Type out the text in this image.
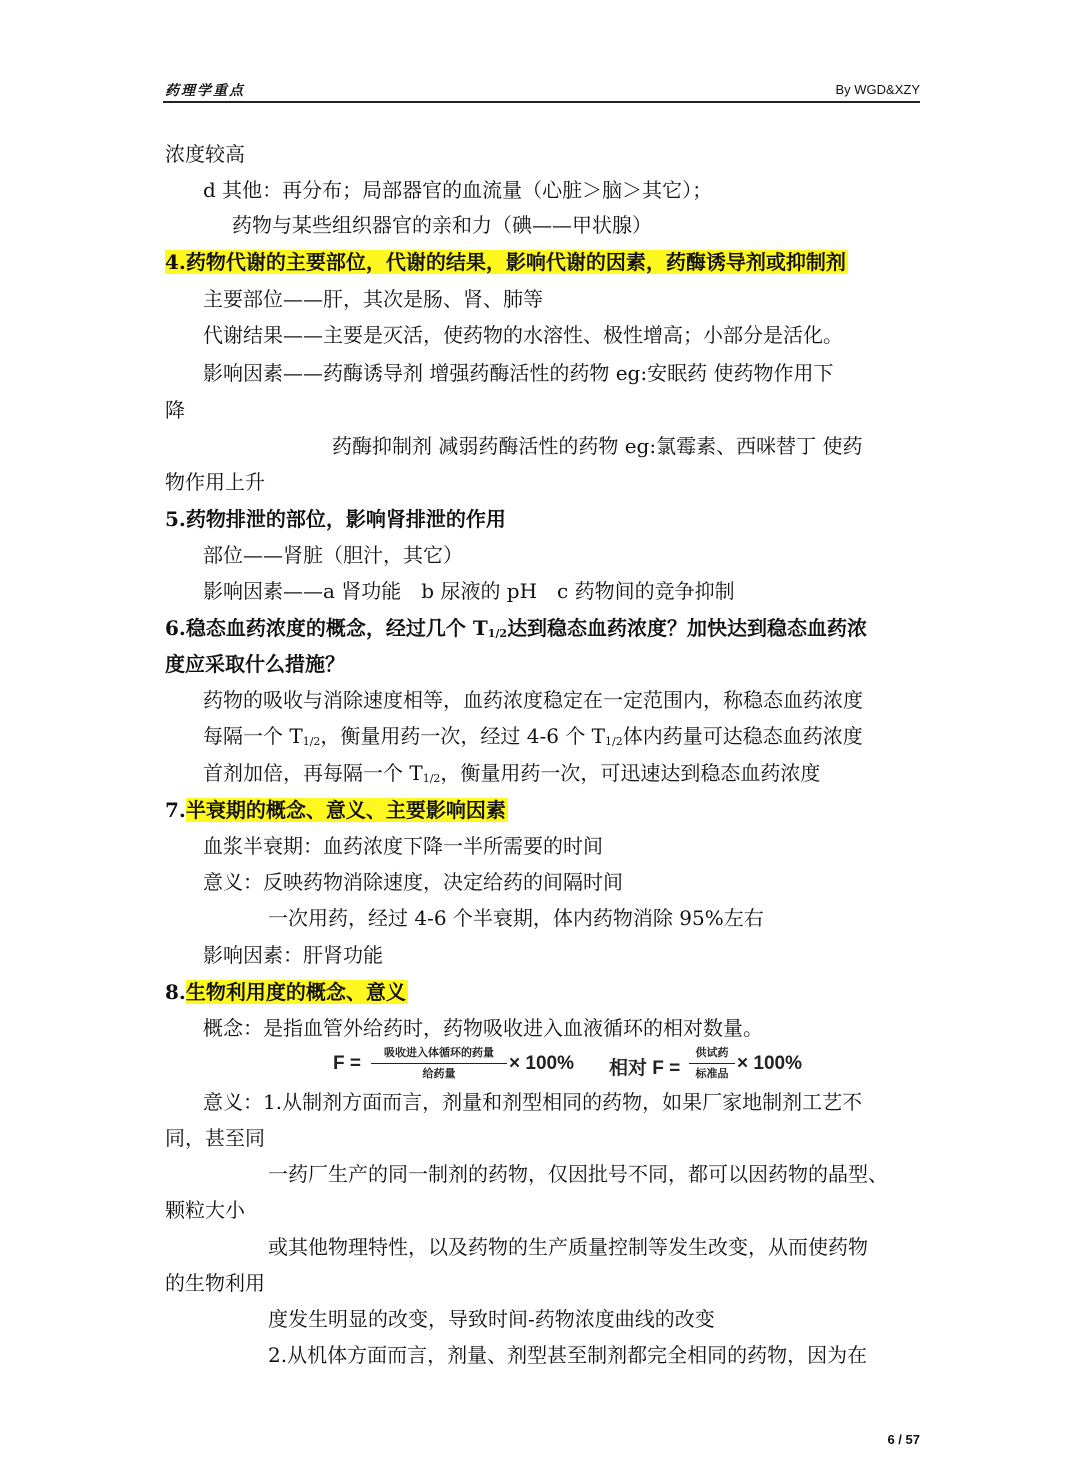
药理学重点	By WGD&XZY
浓度较高
d 其他：再分布；局部器官的血流量（心脏＞脑＞其它）；
药物与某些组织器官的亲和力（碘——甲状腺）
4.药物代谢的主要部位，代谢的结果，影响代谢的因素，药酶诱导剂或抑制剂
主要部位——肝，其次是肠、肾、肺等
代谢结果——主要是灭活，使药物的水溶性、极性增高；小部分是活化。
影响因素——药酶诱导剂 增强药酶活性的药物 eg:安眠药 使药物作用下
降
药酶抑制剂 减弱药酶活性的药物 eg:氯霉素、西咪替丁 使药
物作用上升
5.药物排泄的部位，影响肾排泄的作用
部位——肾脏（胆汁，其它）
影响因素——a 肾功能　b 尿液的 pH　c 药物间的竞争抑制
6.稳态血药浓度的概念，经过几个 $T_{1/2}$达到稳态血药浓度？加快达到稳态血药浓
度应采取什么措施？
药物的吸收与消除速度相等，血药浓度稳定在一定范围内，称稳态血药浓度
每隔一个 $T_{1/2}$，衡量用药一次，经过 4-6 个 $T_{1/2}$体内药量可达稳态血药浓度
首剂加倍，再每隔一个 $T_{1/2}$，衡量用药一次，可迅速达到稳态血药浓度
7.半衰期的概念、意义、主要影响因素
血浆半衰期：血药浓度下降一半所需要的时间
意义：反映药物消除速度，决定给药的间隔时间
一次用药，经过 4-6 个半衰期，体内药物消除 95%左右
影响因素：肝肾功能
8.生物利用度的概念、意义
概念：是指血管外给药时，药物吸收进入血液循环的相对数量。
F =	吸收进入体循环的药量
给药量	× 100% 相对 F =
供试药
标准品 × 100%
意义：1.从制剂方面而言，剂量和剂型相同的药物，如果厂家地制剂工艺不
同，甚至同
一药厂生产的同一制剂的药物，仅因批号不同，都可以因药物的晶型、
颗粒大小
或其他物理特性，以及药物的生产质量控制等发生改变，从而使药物
的生物利用
度发生明显的改变，导致时间-药物浓度曲线的改变
2.从机体方面而言，剂量、剂型甚至制剂都完全相同的药物，因为在
6 / 57
